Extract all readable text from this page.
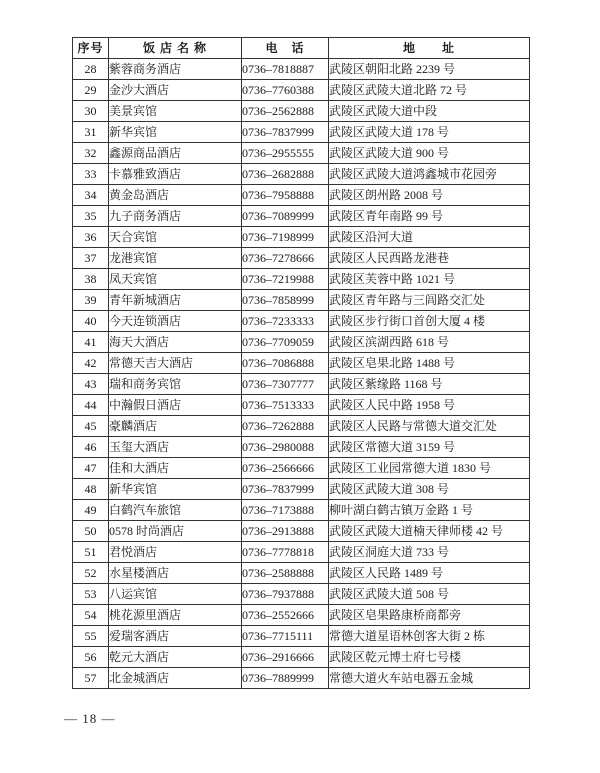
序号	饭 店 名 称	电　话	地　　址
28	紫蓉商务酒店	0736–7818887	武陵区朝阳北路 2239 号
29	金沙大酒店	0736–7760388	武陵区武陵大道北路 72 号
30	美景宾馆	0736–2562888	武陵区武陵大道中段
31	新华宾馆	0736–7837999	武陵区武陵大道 178 号
32	鑫源商品酒店	0736–2955555	武陵区武陵大道 900 号
33	卡慕雅致酒店	0736–2682888	武陵区武陵大道鸿鑫城市花园旁
34	黄金岛酒店	0736–7958888	武陵区朗州路 2008 号
35	九子商务酒店	0736–7089999	武陵区青年南路 99 号
36	天合宾馆	0736–7198999	武陵区沿河大道
37	龙港宾馆	0736–7278666	武陵区人民西路龙港巷
38	凤天宾馆	0736–7219988	武陵区芙蓉中路 1021 号
39	青年新城酒店	0736–7858999	武陵区青年路与三闾路交汇处
40	今天连锁酒店	0736–7233333	武陵区步行街口首创大厦 4 楼
41	海天大酒店	0736–7709059	武陵区滨湖西路 618 号
42	常德天吉大酒店	0736–7086888	武陵区皂果北路 1488 号
43	瑞和商务宾馆	0736–7307777	武陵区紫缘路 1168 号
44	中瀚假日酒店	0736–7513333	武陵区人民中路 1958 号
45	豪麟酒店	0736–7262888	武陵区人民路与常德大道交汇处
46	玉玺大酒店	0736–2980088	武陵区常德大道 3159 号
47	佳和大酒店	0736–2566666	武陵区工业园常德大道 1830 号
48	新华宾馆	0736–7837999	武陵区武陵大道 308 号
49	白鹤汽车旅馆	0736–7173888	柳叶湖白鹤古镇万金路 1 号
50	0578 时尚酒店	0736–2913888	武陵区武陵大道楠天律师楼 42 号
51	君悦酒店	0736–7778818	武陵区洞庭大道 733 号
52	水星楼酒店	0736–2588888	武陵区人民路 1489 号
53	八运宾馆	0736–7937888	武陵区武陵大道 508 号
54	桃花源里酒店	0736–2552666	武陵区皂果路康桥商都旁
55	爱瑞客酒店	0736–7715111	常德大道星语林创客大街 2 栋
56	乾元大酒店	0736–2916666	武陵区乾元博士府七号楼
57	北金城酒店	0736–7889999	常德大道火车站电器五金城
— 18 —
